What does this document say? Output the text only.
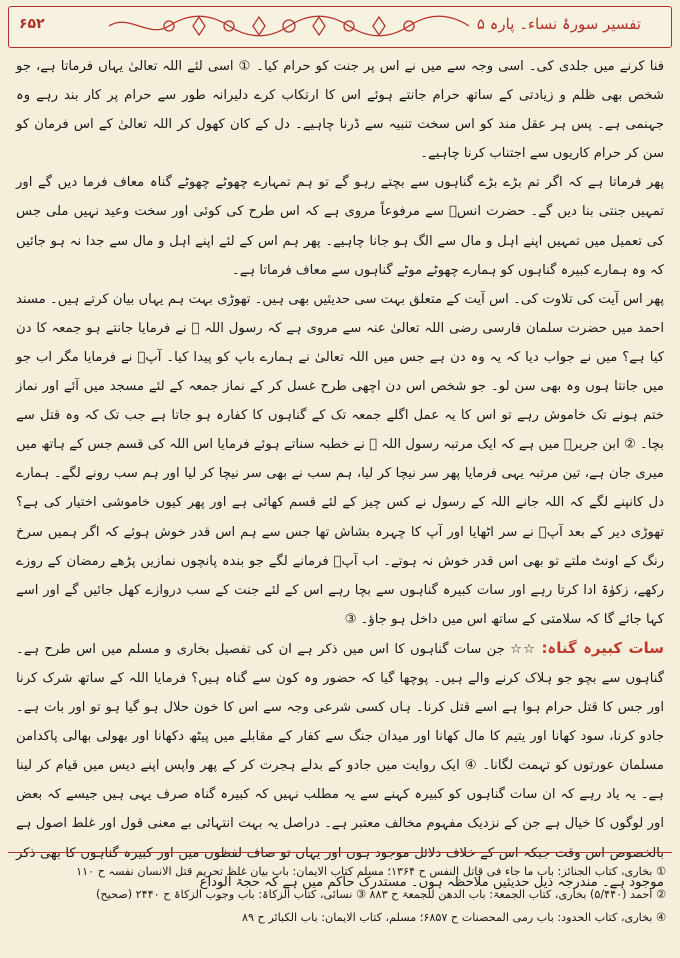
۶۵۲	تفسیر سورۂ نساء۔ پارہ ۵

فنا کرنے میں جلدی کی۔ اسی وجہ سے میں نے اس پر جنت کو حرام کیا۔ ① اسی لئے اللہ تعالیٰ یہاں فرماتا ہے، جو شخص بھی ظلم و زیادتی کے ساتھ حرام جانتے ہوئے اس کا ارتکاب کرے دلیرانہ طور سے حرام پر کار بند رہے وہ جہنمی ہے۔ پس ہر عقل مند کو اس سخت تنبیہ سے ڈرنا چاہیے۔ دل کے کان کھول کر اللہ تعالیٰ کے اس فرمان کو سن کر حرام کاریوں سے اجتناب کرنا چاہیے۔

پھر فرماتا ہے کہ اگر تم بڑے بڑے گناہوں سے بچتے رہو گے تو ہم تمہارے چھوٹے چھوٹے گناہ معاف فرما دیں گے اور تمہیں جنتی بنا دیں گے۔ حضرت انسؓ سے مرفوعاً مروی ہے کہ اس طرح کی کوئی اور سخت وعید نہیں ملی جس کی تعمیل میں تمہیں اپنے اہل و مال سے الگ ہو جانا چاہیے۔ پھر ہم اس کے لئے اپنے اہل و مال سے جدا نہ ہو جائیں کہ وہ ہمارے کبیرہ گناہوں کو ہمارے چھوٹے موٹے گناہوں سے معاف فرماتا ہے۔

پھر اس آیت کی تلاوت کی۔ اس آیت کے متعلق بہت سی حدیثیں بھی ہیں۔ تھوڑی بہت ہم یہاں بیان کرتے ہیں۔ مسند احمد میں حضرت سلمان فارسی رضی اللہ تعالیٰ عنہ سے مروی ہے کہ رسول اللہ ﷺ نے فرمایا جانتے ہو جمعہ کا دن کیا ہے؟ میں نے جواب دیا کہ یہ وہ دن ہے جس میں اللہ تعالیٰ نے ہمارے باپ کو پیدا کیا۔ آپؐ نے فرمایا مگر اب جو میں جانتا ہوں وہ بھی سن لو۔ جو شخص اس دن اچھی طرح غسل کر کے نماز جمعہ کے لئے مسجد میں آئے اور نماز ختم ہونے تک خاموش رہے تو اس کا یہ عمل اگلے جمعہ تک کے گناہوں کا کفارہ ہو جاتا ہے جب تک کہ وہ قتل سے بچا۔ ② ابن جریرؒ میں ہے کہ ایک مرتبہ رسول اللہ ﷺ نے خطبہ سناتے ہوئے فرمایا اس اللہ کی قسم جس کے ہاتھ میں میری جان ہے، تین مرتبہ یہی فرمایا پھر سر نیچا کر لیا، ہم سب نے بھی سر نیچا کر لیا اور ہم سب رونے لگے۔ ہمارے دل کانپنے لگے کہ اللہ جانے اللہ کے رسول نے کس چیز کے لئے قسم کھائی ہے اور پھر کیوں خاموشی اختیار کی ہے؟ تھوڑی دیر کے بعد آپؐ نے سر اٹھایا اور آپ کا چہرہ بشاش تھا جس سے ہم اس قدر خوش ہوئے کہ اگر ہمیں سرخ رنگ کے اونٹ ملتے تو بھی اس قدر خوش نہ ہوتے۔ اب آپؐ فرمانے لگے جو بندہ پانچوں نمازیں پڑھے رمضان کے روزے رکھے، زکوٰۃ ادا کرتا رہے اور سات کبیرہ گناہوں سے بچا رہے اس کے لئے جنت کے سب دروازے کھل جائیں گے اور اسے کہا جائے گا کہ سلامتی کے ساتھ اس میں داخل ہو جاؤ۔ ③

سات کبیرہ گناہ: ☆☆ جن سات گناہوں کا اس میں ذکر ہے ان کی تفصیل بخاری و مسلم میں اس طرح ہے۔ گناہوں سے بچو جو ہلاک کرنے والے ہیں۔ پوچھا گیا کہ حضور وہ کون سے گناہ ہیں؟ فرمایا اللہ کے ساتھ شرک کرنا اور جس کا قتل حرام ہوا ہے اسے قتل کرنا۔ ہاں کسی شرعی وجہ سے اس کا خون حلال ہو گیا ہو تو اور بات ہے۔ جادو کرنا، سود کھانا اور یتیم کا مال کھانا اور میدان جنگ سے کفار کے مقابلے میں پیٹھ دکھانا اور بھولی بھالی پاکدامن مسلمان عورتوں کو تہمت لگانا۔ ④ ایک روایت میں جادو کے بدلے ہجرت کر کے پھر واپس اپنے دیس میں قیام کر لینا ہے۔ یہ یاد رہے کہ ان سات گناہوں کو کبیرہ کہنے سے یہ مطلب نہیں کہ کبیرہ گناہ صرف یہی ہیں جیسے کہ بعض اور لوگوں کا خیال ہے جن کے نزدیک مفہوم مخالف معتبر ہے۔ دراصل یہ بہت انتہائی بے معنی قول اور غلط اصول ہے بالخصوص اس وقت جبکہ اس کے خلاف دلائل موجود ہوں اور یہاں تو صاف لفظوں میں اور کبیرہ گناہوں کا بھی ذکر موجود ہے۔ مندرجہ ذیل حدیثیں ملاحظہ ہوں۔ مستدرک حاکم میں ہے کہ حجۃ الوداع

① بخاری، کتاب الجنائز: باب ما جاء فی قاتل النفس ح ۱۳۶۴؛ مسلم کتاب الایمان: باب بیان غلظ تحریم قتل الانسان نفسہ ح ۱۱۰

② احمد (۵/۴۴۰) بخاری، کتاب الجمعۃ: باب الدھن للجمعۃ ح ۸۸۳ ③ نسائی، کتاب الزکاۃ: باب وجوب الزکاۃ ح ۲۴۴۰ (صحیح)

④ بخاری، کتاب الحدود: باب رمی المحصنات ح ۶۸۵۷؛ مسلم، کتاب الایمان: باب الکبائر ح ۸۹
